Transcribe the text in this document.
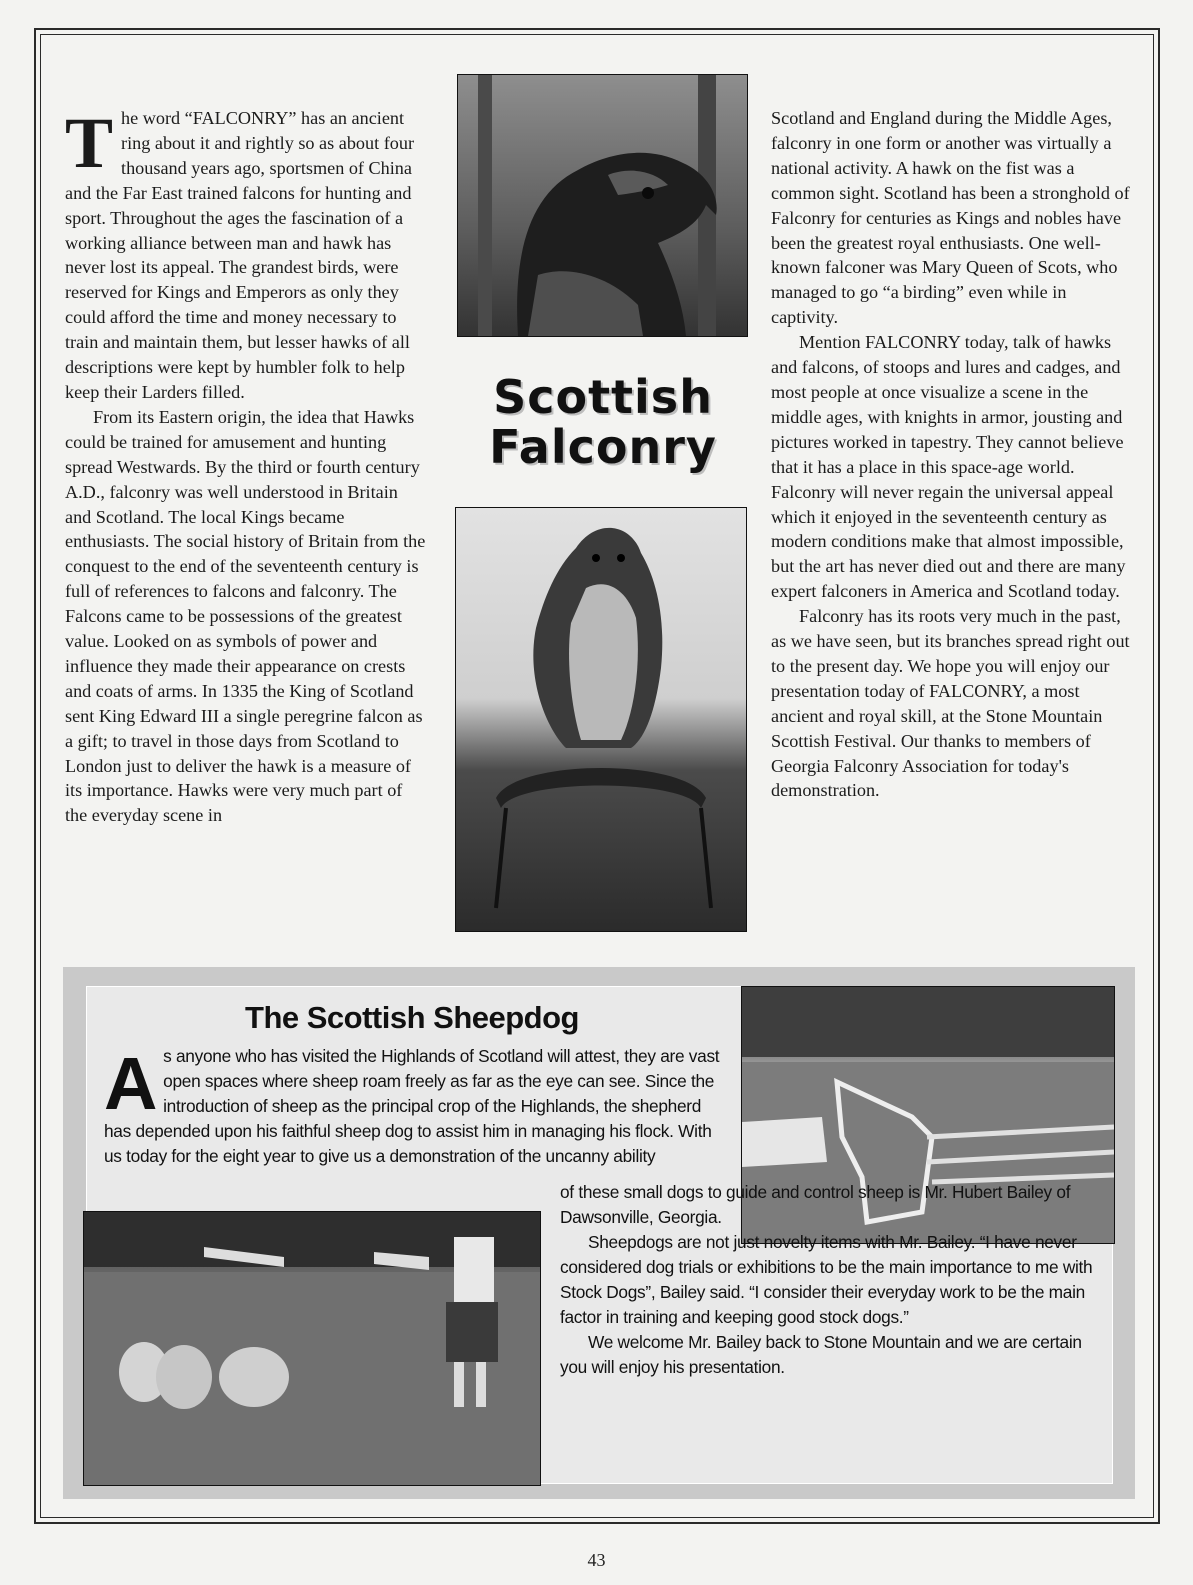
The word “FALCONRY” has an ancient ring about it and rightly so as about four thousand years ago, sportsmen of China and the Far East trained falcons for hunting and sport. Throughout the ages the fascination of a working alliance between man and hawk has never lost its appeal. The grandest birds, were reserved for Kings and Emperors as only they could afford the time and money necessary to train and maintain them, but lesser hawks of all descriptions were kept by humbler folk to help keep their Larders filled.

From its Eastern origin, the idea that Hawks could be trained for amusement and hunting spread Westwards. By the third or fourth century A.D., falconry was well understood in Britain and Scotland. The local Kings became enthusiasts. The social history of Britain from the conquest to the end of the seventeenth century is full of references to falcons and falconry. The Falcons came to be possessions of the greatest value. Looked on as symbols of power and influence they made their appearance on crests and coats of arms. In 1335 the King of Scotland sent King Edward III a single peregrine falcon as a gift; to travel in those days from Scotland to London just to deliver the hawk is a measure of its importance. Hawks were very much part of the everyday scene in

Scottish
Falconry

Scotland and England during the Middle Ages, falconry in one form or another was virtually a national activity. A hawk on the fist was a common sight. Scotland has been a stronghold of Falconry for centuries as Kings and nobles have been the greatest royal enthusiasts. One well-known falconer was Mary Queen of Scots, who managed to go “a birding” even while in captivity.

Mention FALCONRY today, talk of hawks and falcons, of stoops and lures and cadges, and most people at once visualize a scene in the middle ages, with knights in armor, jousting and pictures worked in tapestry. They cannot believe that it has a place in this space-age world. Falconry will never regain the universal appeal which it enjoyed in the seventeenth century as modern conditions make that almost impossible, but the art has never died out and there are many expert falconers in America and Scotland today.

Falconry has its roots very much in the past, as we have seen, but its branches spread right out to the present day. We hope you will enjoy our presentation today of FALCONRY, a most ancient and royal skill, at the Stone Mountain Scottish Festival. Our thanks to members of Georgia Falconry Association for today's demonstration.

The Scottish Sheepdog

As anyone who has visited the Highlands of Scotland will attest, they are vast open spaces where sheep roam freely as far as the eye can see. Since the introduction of sheep as the principal crop of the Highlands, the shepherd has depended upon his faithful sheep dog to assist him in managing his flock. With us today for the eight year to give us a demonstration of the uncanny ability

of these small dogs to guide and control sheep is Mr. Hubert Bailey of Dawsonville, Georgia.

Sheepdogs are not just novelty items with Mr. Bailey. “I have never considered dog trials or exhibitions to be the main importance to me with Stock Dogs”, Bailey said. “I consider their everyday work to be the main factor in training and keeping good stock dogs.”

We welcome Mr. Bailey back to Stone Mountain and we are certain you will enjoy his presentation.

43
